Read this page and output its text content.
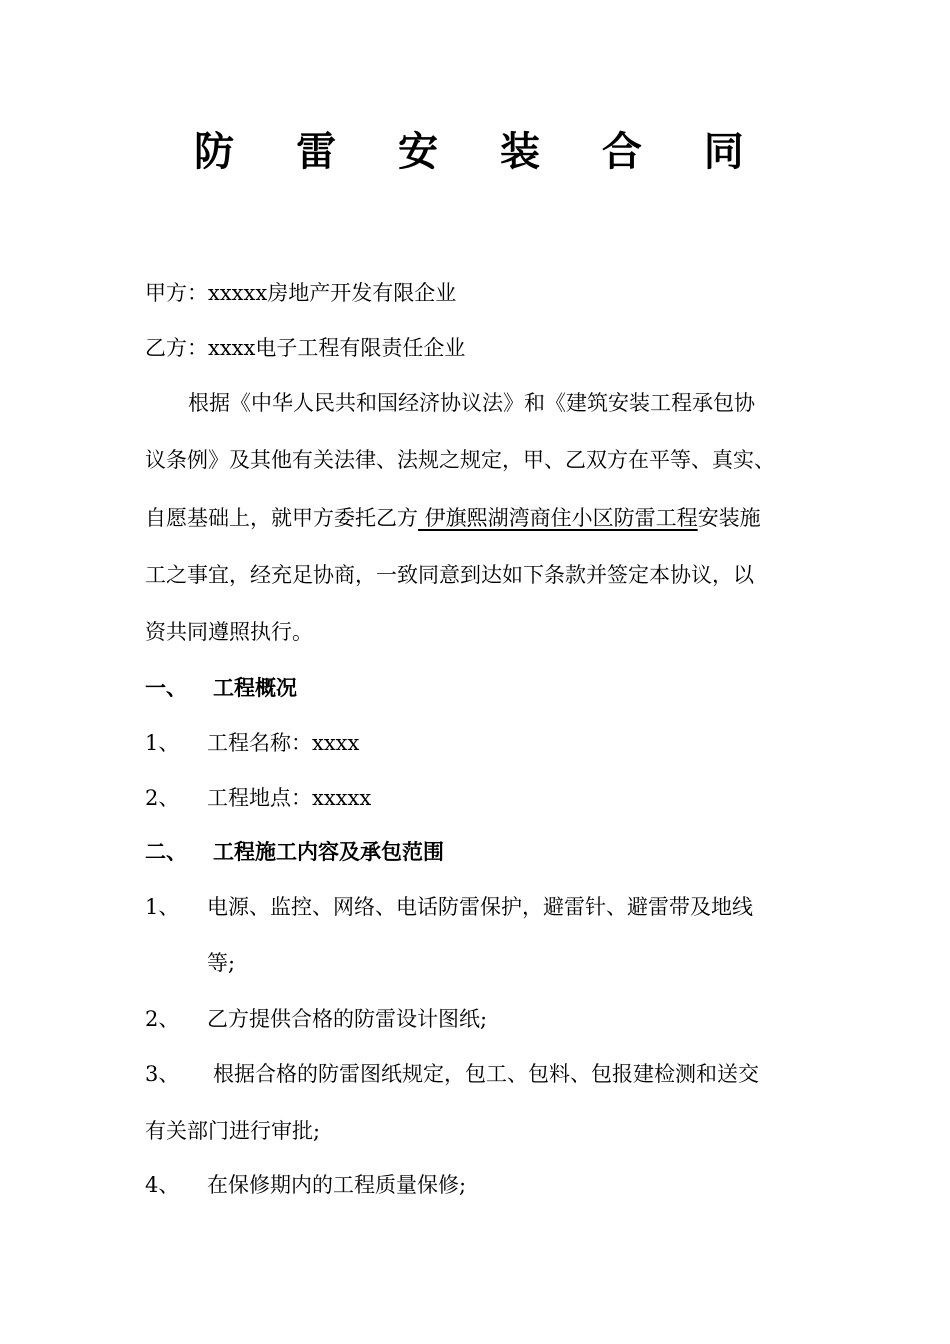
防 雷 安 装 合 同
甲方：xxxxx房地产开发有限企业
乙方：xxxx电子工程有限责任企业
根据《中华人民共和国经济协议法》和《建筑安装工程承包协
议条例》及其他有关法律、法规之规定，甲、乙双方在平等、真实、
自愿基础上，就甲方委托乙方 伊旗熙湖湾商住小区防雷工程安装施
工之事宜，经充足协商，一致同意到达如下条款并签定本协议，以
资共同遵照执行。
一、 工程概况
1、 工程名称：xxxx
2、 工程地点：xxxxx
二、 工程施工内容及承包范围
1、 电源、监控、网络、电话防雷保护，避雷针、避雷带及地线
等;
2、 乙方提供合格的防雷设计图纸;
3、 根据合格的防雷图纸规定，包工、包料、包报建检测和送交
有关部门进行审批;
4、 在保修期内的工程质量保修;
